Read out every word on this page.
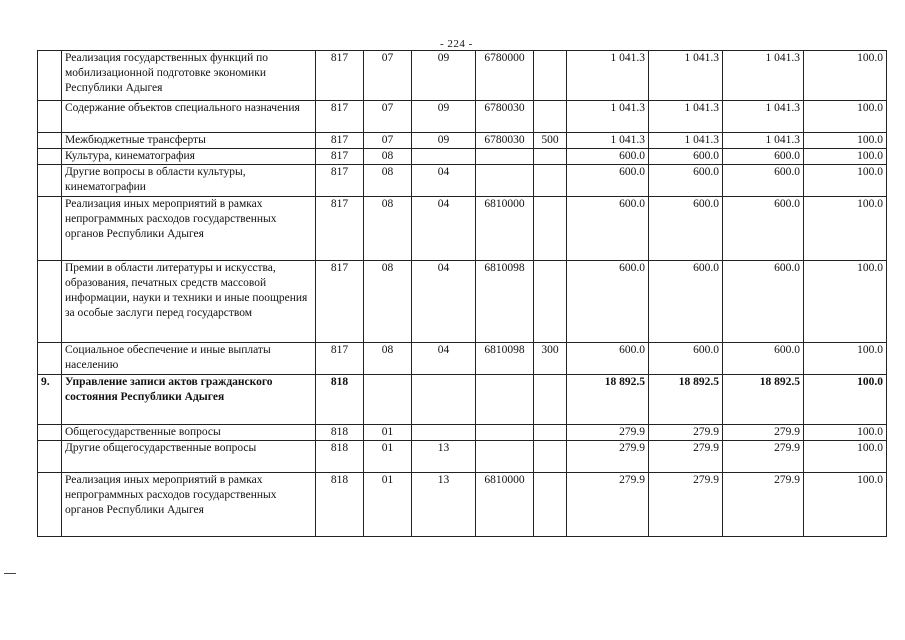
- 224 -
	Реализация государственных функций по мобилизационной подготовке экономики Республики Адыгея	817	07	09	6780000		1 041.3	1 041.3	1 041.3	100.0
	Содержание объектов специального назначения	817	07	09	6780030		1 041.3	1 041.3	1 041.3	100.0
	Межбюджетные трансферты	817	07	09	6780030	500	1 041.3	1 041.3	1 041.3	100.0
	Культура, кинематография	817	08				600.0	600.0	600.0	100.0
	Другие вопросы в области культуры, кинематографии	817	08	04			600.0	600.0	600.0	100.0
	Реализация иных мероприятий в рамках непрограммных расходов государственных органов Республики Адыгея	817	08	04	6810000		600.0	600.0	600.0	100.0
	Премии в области литературы и искусства, образования, печатных средств массовой информации, науки и техники и иные поощрения за особые заслуги перед государством	817	08	04	6810098		600.0	600.0	600.0	100.0
	Социальное обеспечение и иные выплаты населению	817	08	04	6810098	300	600.0	600.0	600.0	100.0
9.	Управление записи актов гражданского состояния Республики Адыгея	818					18 892.5	18 892.5	18 892.5	100.0
	Общегосударственные вопросы	818	01				279.9	279.9	279.9	100.0
	Другие общегосударственные вопросы	818	01	13			279.9	279.9	279.9	100.0
	Реализация иных мероприятий в рамках непрограммных расходов государственных органов Республики Адыгея	818	01	13	6810000		279.9	279.9	279.9	100.0
